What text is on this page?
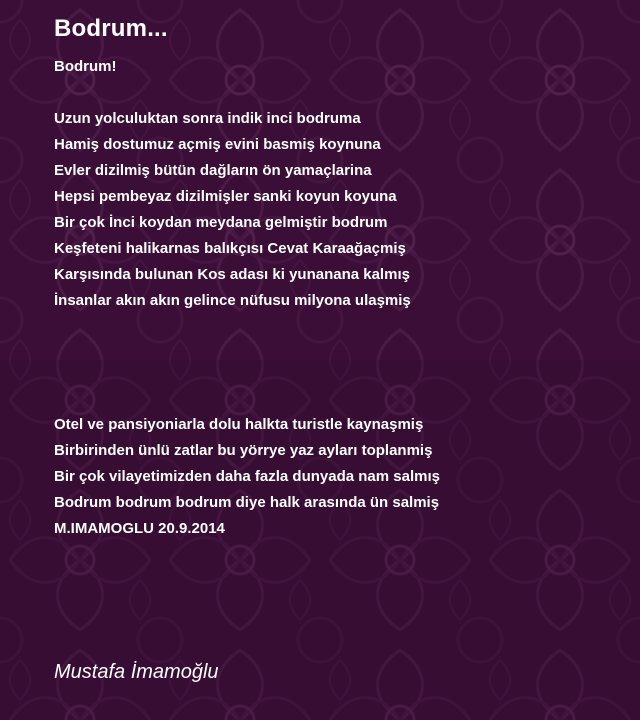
Bodrum...
Bodrum!
Uzun yolculuktan sonra indik inci bodruma
Hamiş dostumuz açmiş evini basmiş koynuna
Evler dizilmiş bütün dağların ön yamaçlarina
Hepsi pembeyaz dizilmişler sanki koyun koyuna
Bir çok İnci koydan meydana gelmiştir bodrum
Keşfeteni halikarnas balıkçısı Cevat Karaağaçmiş
Karşısında bulunan Kos adası ki yunanana kalmış
İnsanlar akın akın gelince nüfusu milyona ulaşmiş
Otel ve pansiyoniarla dolu halkta turistle kaynaşmiş
Birbirinden ünlü zatlar bu yörrye yaz ayları toplanmiş
Bir çok vilayetimizden daha fazla dunyada nam salmış
Bodrum bodrum bodrum diye halk arasında ün salmiş
M.IMAMOGLU 20.9.2014
Mustafa İmamoğlu
